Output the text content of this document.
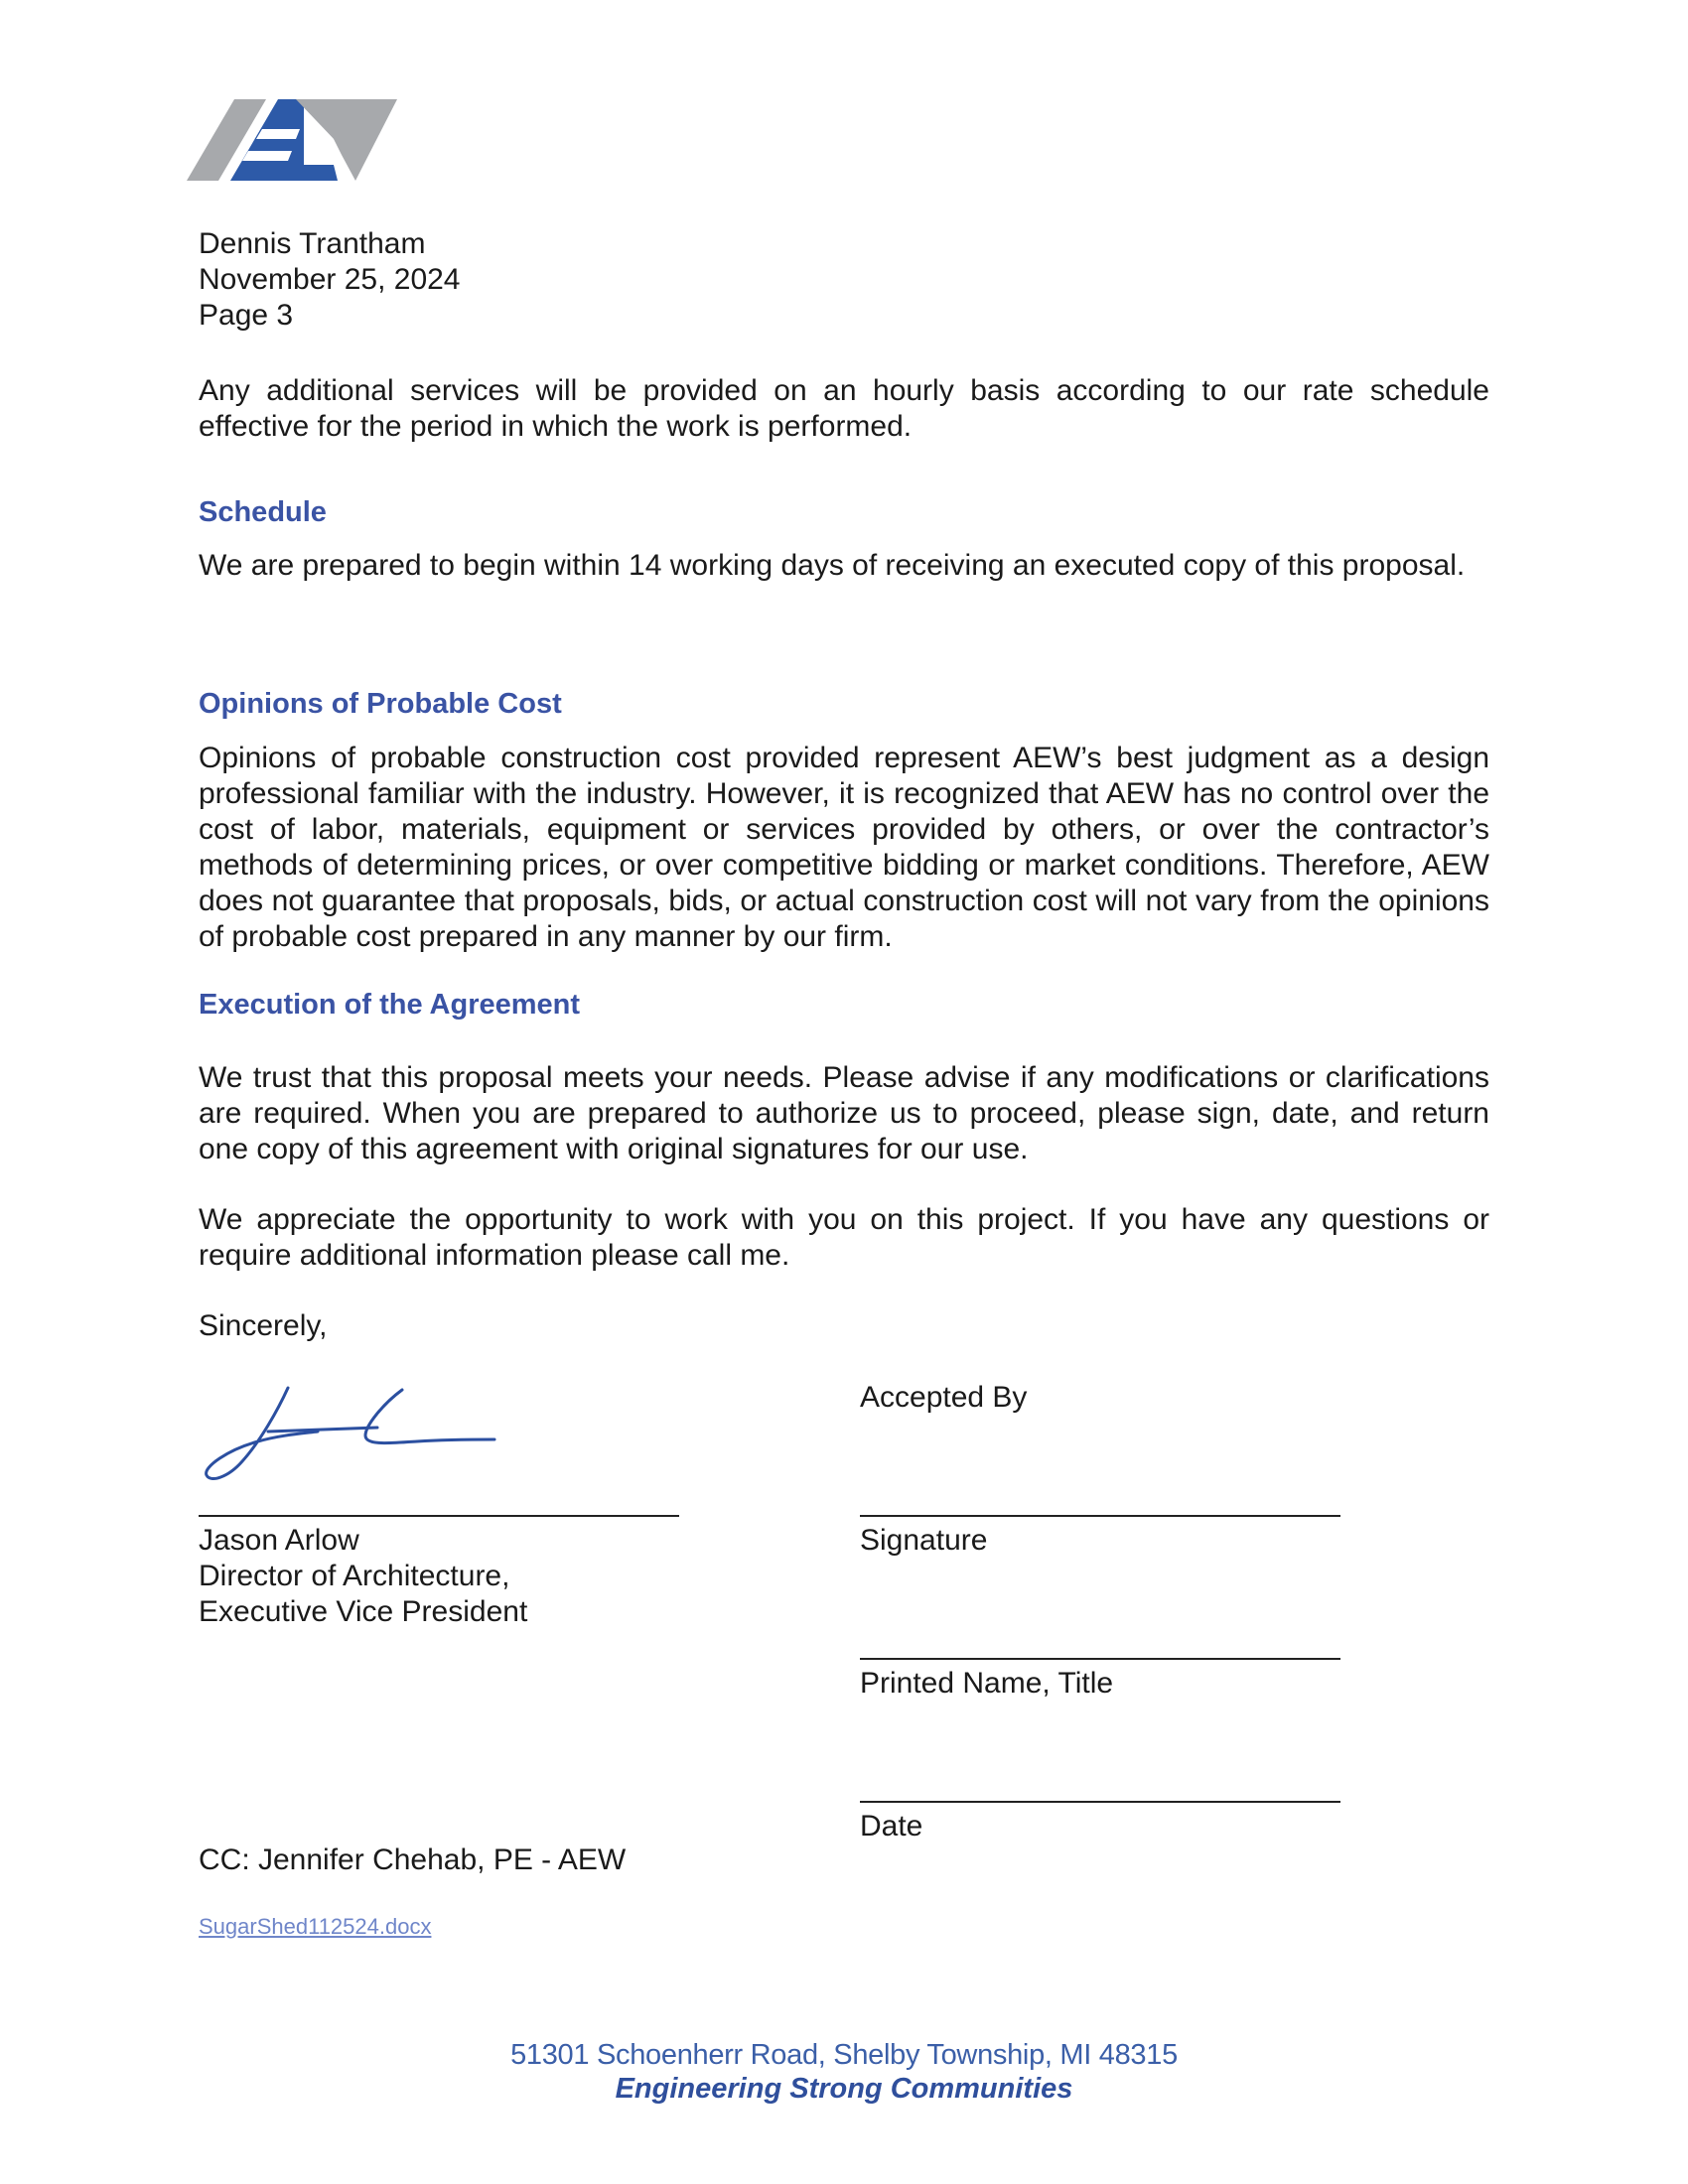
Dennis Trantham
November 25, 2024
Page 3
Any additional services will be provided on an hourly basis according to our rate schedule effective for the period in which the work is performed.
Schedule
We are prepared to begin within 14 working days of receiving an executed copy of this proposal.
Opinions of Probable Cost
Opinions of probable construction cost provided represent AEW’s best judgment as a design professional familiar with the industry. However, it is recognized that AEW has no control over the cost of labor, materials, equipment or services provided by others, or over the contractor’s methods of determining prices, or over competitive bidding or market conditions. Therefore, AEW does not guarantee that proposals, bids, or actual construction cost will not vary from the opinions of probable cost prepared in any manner by our firm.
Execution of the Agreement
We trust that this proposal meets your needs. Please advise if any modifications or clarifications are required. When you are prepared to authorize us to proceed, please sign, date, and return one copy of this agreement with original signatures for our use.
We appreciate the opportunity to work with you on this project. If you have any questions or require additional information please call me.
Sincerely,
Jason Arlow
Director of Architecture,
Executive Vice President
Accepted By
Signature
Printed Name, Title
Date
CC: Jennifer Chehab, PE - AEW
SugarShed112524.docx
51301 Schoenherr Road, Shelby Township, MI 48315
Engineering Strong Communities
